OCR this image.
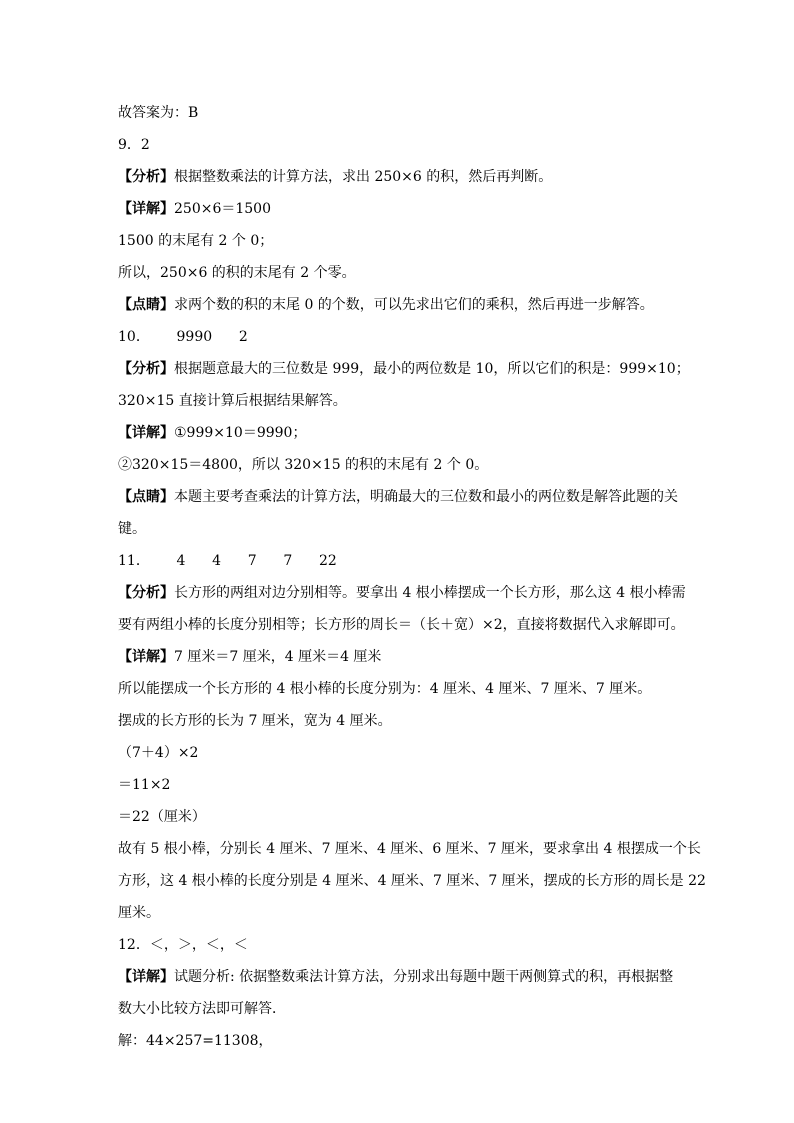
故答案为：B
9．2
【分析】根据整数乘法的计算方法，求出 250×6 的积，然后再判断。
【详解】250×6＝1500
1500 的末尾有 2 个 0；
所以，250×6 的积的末尾有 2 个零。
【点睛】求两个数的积的末尾 0 的个数，可以先求出它们的乘积，然后再进一步解答。
10．      9990      2
【分析】根据题意最大的三位数是 999，最小的两位数是 10，所以它们的积是：999×10；
320×15 直接计算后根据结果解答。
【详解】①999×10＝9990；
②320×15＝4800，所以 320×15 的积的末尾有 2 个 0。
【点睛】本题主要考查乘法的计算方法，明确最大的三位数和最小的两位数是解答此题的关
键。
11．      4      4      7      7      22
【分析】长方形的两组对边分别相等。要拿出 4 根小棒摆成一个长方形，那么这 4 根小棒需
要有两组小棒的长度分别相等；长方形的周长＝（长＋宽）×2，直接将数据代入求解即可。
【详解】7 厘米＝7 厘米，4 厘米＝4 厘米
所以能摆成一个长方形的 4 根小棒的长度分别为：4 厘米、4 厘米、7 厘米、7 厘米。
摆成的长方形的长为 7 厘米，宽为 4 厘米。
（7＋4）×2
＝11×2
＝22（厘米）
故有 5 根小棒，分别长 4 厘米、7 厘米、4 厘米、6 厘米、7 厘米，要求拿出 4 根摆成一个长
方形，这 4 根小棒的长度分别是 4 厘米、4 厘米、7 厘米、7 厘米，摆成的长方形的周长是 22
厘米。
12．＜，＞，＜，＜
【详解】试题分析: 依据整数乘法计算方法，分别求出每题中题干两侧算式的积，再根据整
数大小比较方法即可解答．
解：44×257=11308，
